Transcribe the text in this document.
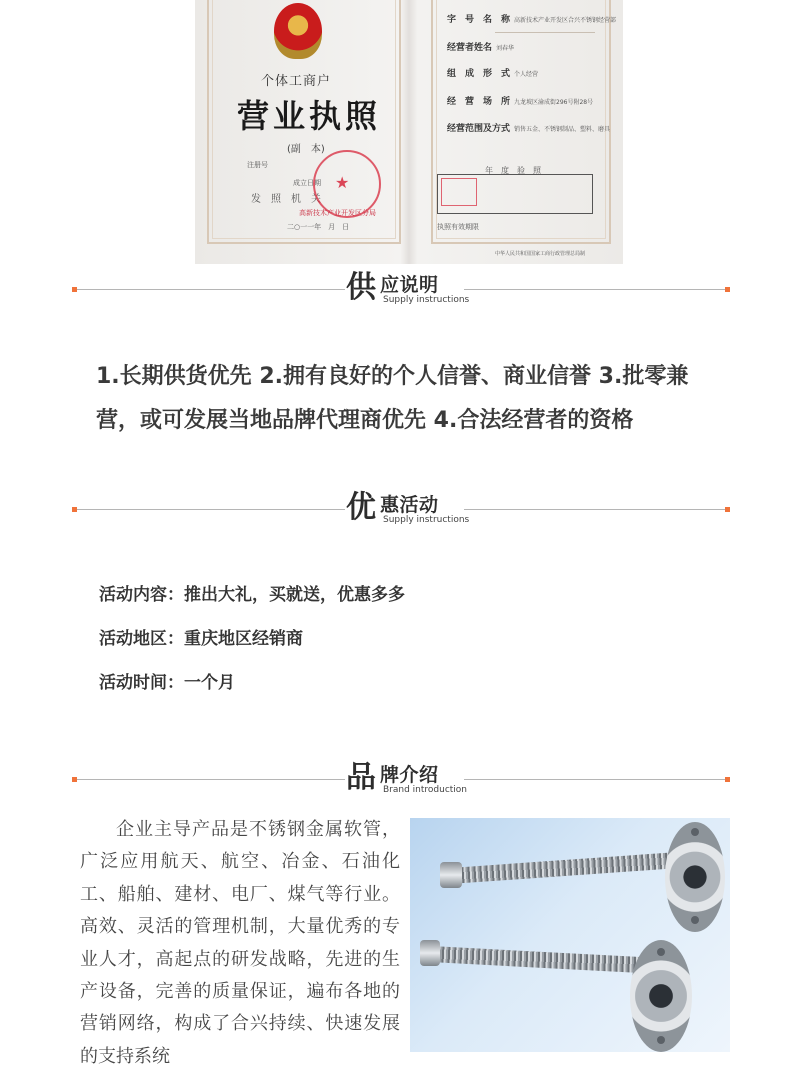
个体工商户
营业执照
(副　本)
注册号
成立日期
发　照　机　关
二○一一年　月　日
★
高新技术产业开发区分局
字　号　名　称 高新技术产业开发区合兴不锈钢经营部
经营者姓名 刘春华
组　成　形　式 个人经营
经　营　场　所 九龙坡区渝成街296号附28号
经营范围及方式 销售五金、不锈钢制品、塑料、磨具
年　度　验　照
执照有效期限
中华人民共和国国家工商行政管理总局制
供 应说明
Supply instructions
1.长期供货优先 2.拥有良好的个人信誉、商业信誉 3.批零兼营，或可发展当地品牌代理商优先 4.合法经营者的资格
优 惠活动
Supply instructions
活动内容：推出大礼，买就送，优惠多多
活动地区：重庆地区经销商
活动时间：一个月
品 牌介绍
Brand introduction
企业主导产品是不锈钢金属软管，广泛应用航天、航空、冶金、石油化工、船舶、建材、电厂、煤气等行业。高效、灵活的管理机制，大量优秀的专业人才，高起点的研发战略，先进的生产设备，完善的质量保证，遍布各地的营销网络，构成了合兴持续、快速发展的支持系统
